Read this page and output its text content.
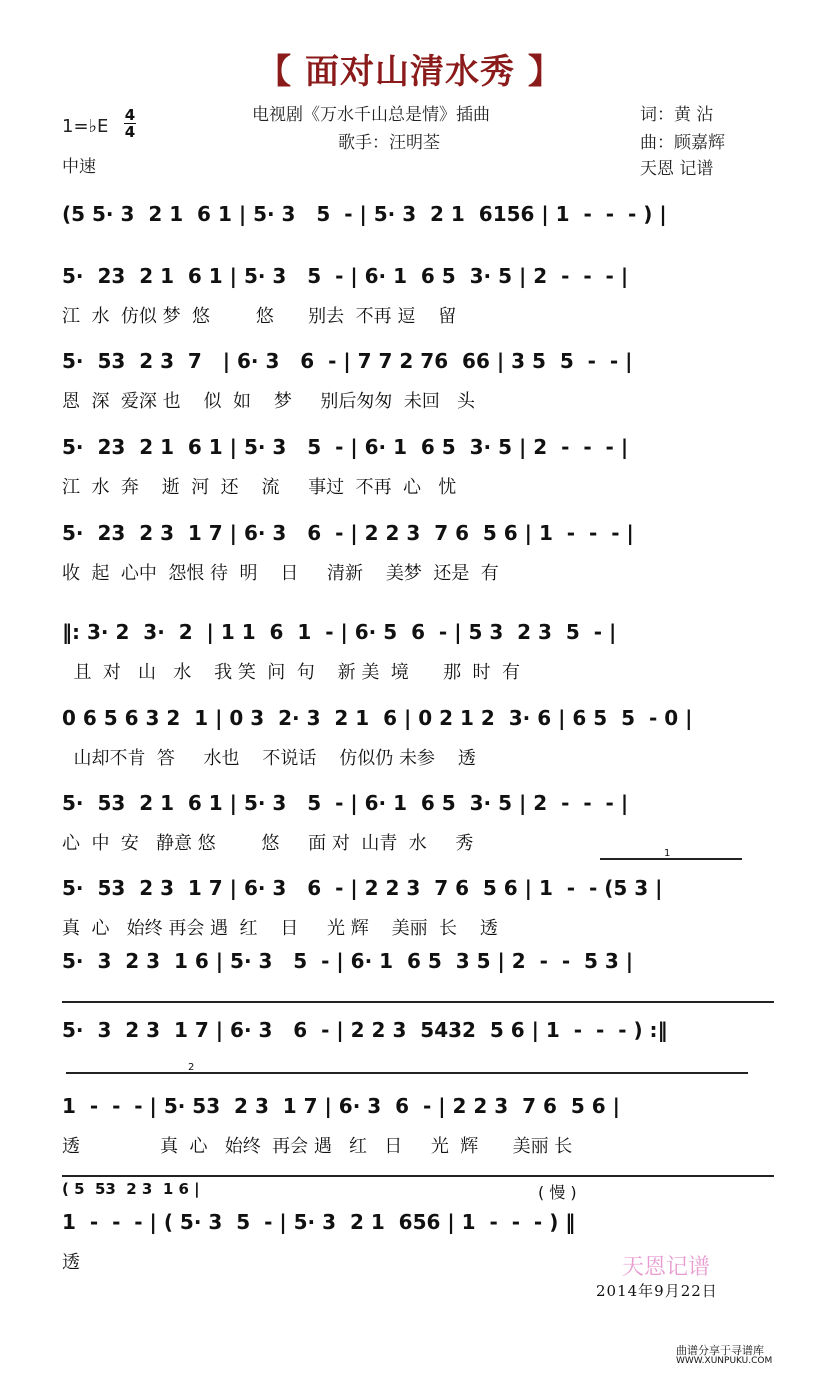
【 面对山清水秀 】
电视剧《万水千山总是情》插曲
歌手：汪明荃
词：黄 沾
曲：顾嘉辉
天恩 记谱
1=♭E
4
4
中速
(5 5· 3  2 1  6 1 | 5· 3   5  - | 5· 3  2 1  6156 | 1  -  -  - ) |
5·  23  2 1  6 1 | 5· 3   5  - | 6· 1  6 5  3· 5 | 2  -  -  - |
江  水  仿似 梦  悠        悠      别去  不再 逗    留
5·  53  2 3  7   | 6· 3   6  - | 7 7 2 76  66 | 3 5  5  -  - |
恩  深  爱深 也    似  如    梦     别后匆匆  未回   头
5·  23  2 1  6 1 | 5· 3   5  - | 6· 1  6 5  3· 5 | 2  -  -  - |
江  水  奔    逝  河  还    流     事过  不再  心   忧
5·  23  2 3  1 7 | 6· 3   6  - | 2 2 3  7 6  5 6 | 1  -  -  - |
收  起  心中  怨恨 待  明    日     清新    美梦  还是  有
‖: 3· 2  3·  2  | 1 1  6  1  - | 6· 5  6  - | 5 3  2 3  5  - |
且  对   山   水    我 笑  问  句    新 美  境      那  时  有
0 6 5 6 3 2  1 | 0 3  2· 3  2 1  6 | 0 2 1 2  3· 6 | 6 5  5  - 0 |
山却不肯  答     水也    不说话    仿似仍 未参    透
5·  53  2 1  6 1 | 5· 3   5  - | 6· 1  6 5  3· 5 | 2  -  -  - |
心  中  安   静意 悠        悠     面 对  山青  水     秀	1
5·  53  2 3  1 7 | 6· 3   6  - | 2 2 3  7 6  5 6 | 1  -  - (5 3 |
真  心   始终 再会 遇  红    日     光 辉    美丽  长    透
5·  3  2 3  1 6 | 5· 3   5  - | 6· 1  6 5  3 5 | 2  -  -  5 3 |
5·  3  2 3  1 7 | 6· 3   6  - | 2 2 3  5432  5 6 | 1  -  -  - ) :‖
2
1  -  -  - | 5· 53  2 3  1 7 | 6· 3  6  - | 2 2 3  7 6  5 6 |
透              真  心   始终  再会 遇   红   日     光  辉      美丽 长
( 5  53  2 3  1 6 |	( 慢 )
1  -  -  - | ( 5· 3  5  - | 5· 3  2 1  656 | 1  -  -  - ) ‖
透	天恩记谱
2014年9月22日
曲谱分享于寻谱库
WWW.XUNPUKU.COM
